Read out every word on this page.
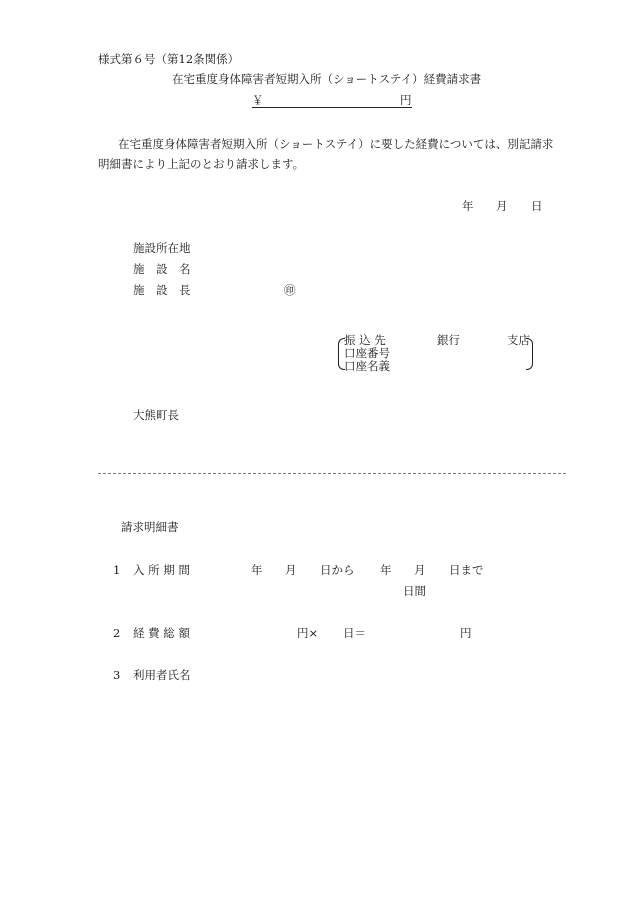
様式第６号（第12条関係）
在宅重度身体障害者短期入所（ショートステイ）経費請求書
￥	円
在宅重度身体障害者短期入所（ショートステイ）に要した経費については、別記請求
明細書により上記のとおり請求します。
年 月 日
施設所在地
施　設　名
施　設　長	㊞
振 込 先	銀行	支店
口座番号
口座名義
大熊町長
請求明細書
1 入 所 期 間	年 月 日から 年 月 日まで
日間
2 経 費 総 額	円× 日＝	円
3 利用者氏名
